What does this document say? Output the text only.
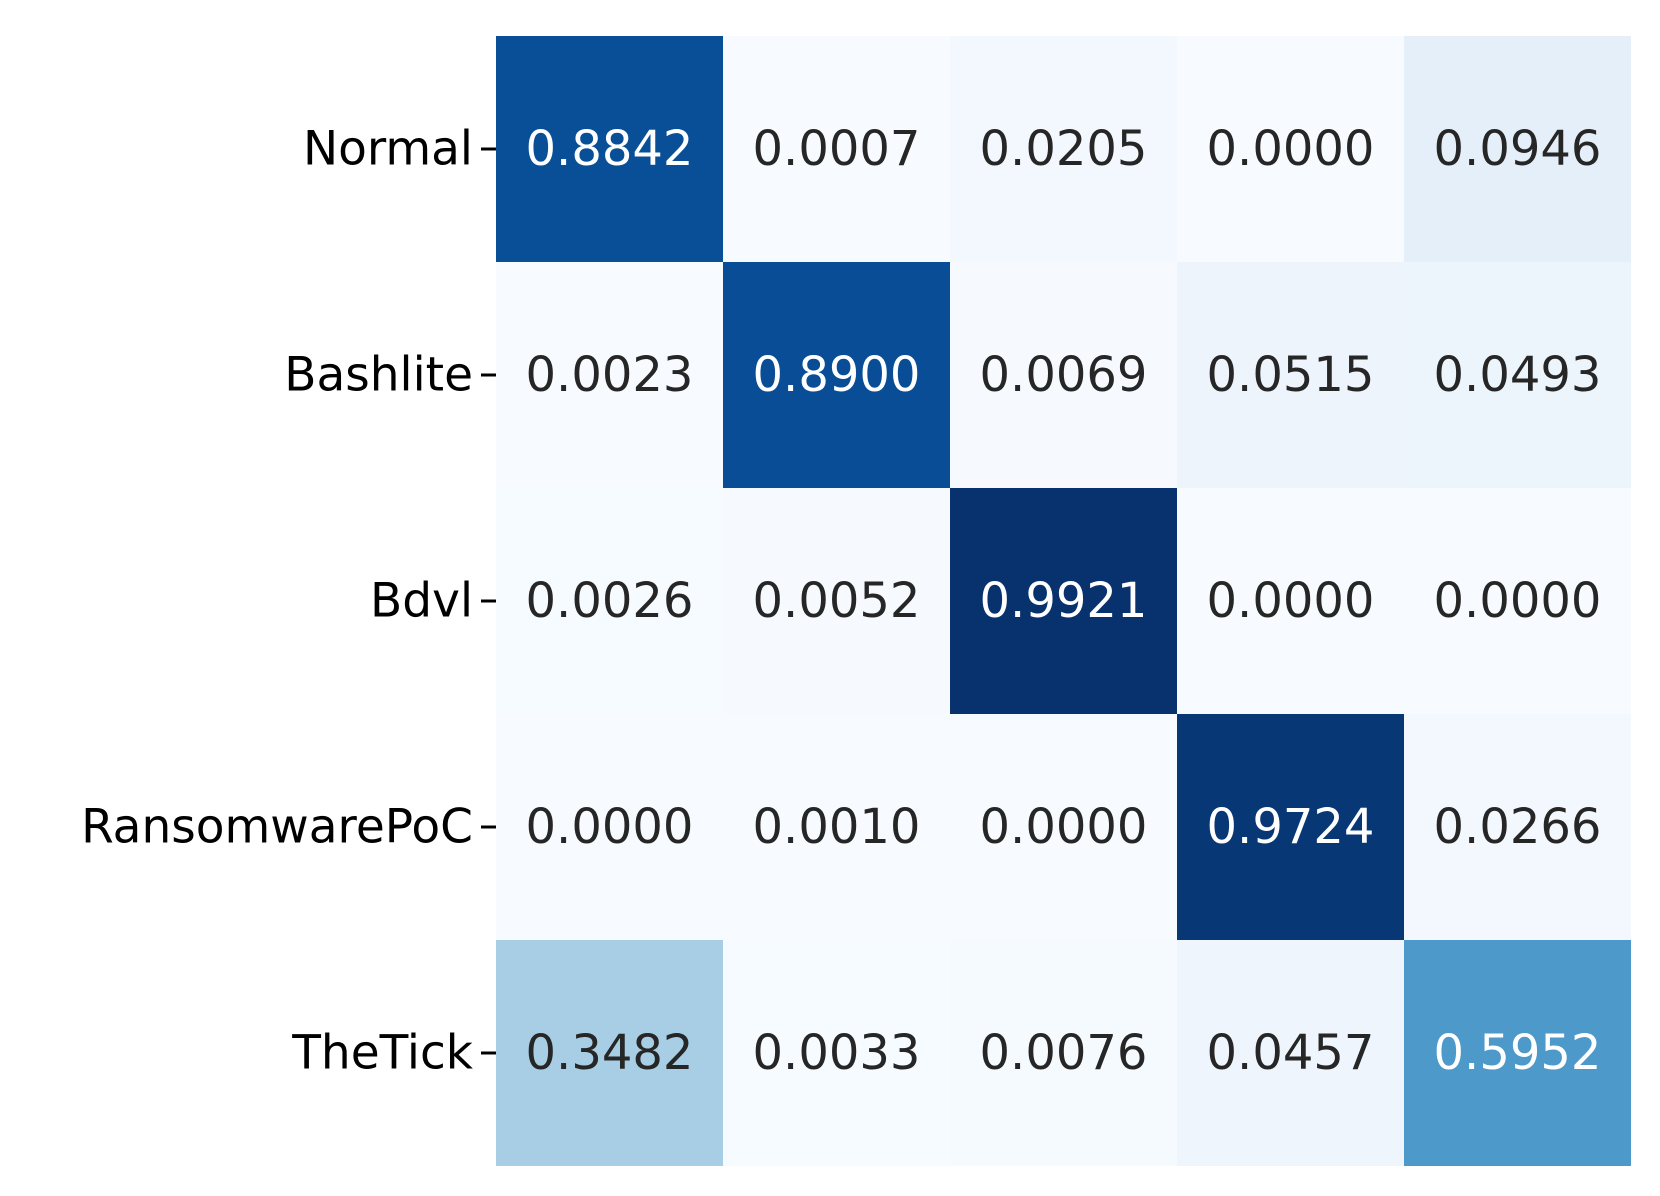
0.8842 0.0007 0.0205 0.0000 0.0946
0.0023 0.8900 0.0069 0.0515 0.0493
0.0026 0.0052 0.9921 0.0000 0.0000
0.0000 0.0010 0.0000 0.9724 0.0266
0.3482 0.0033 0.0076 0.0457 0.5952
Normal
Bashlite
Bdvl
RansomwarePoC
TheTick
